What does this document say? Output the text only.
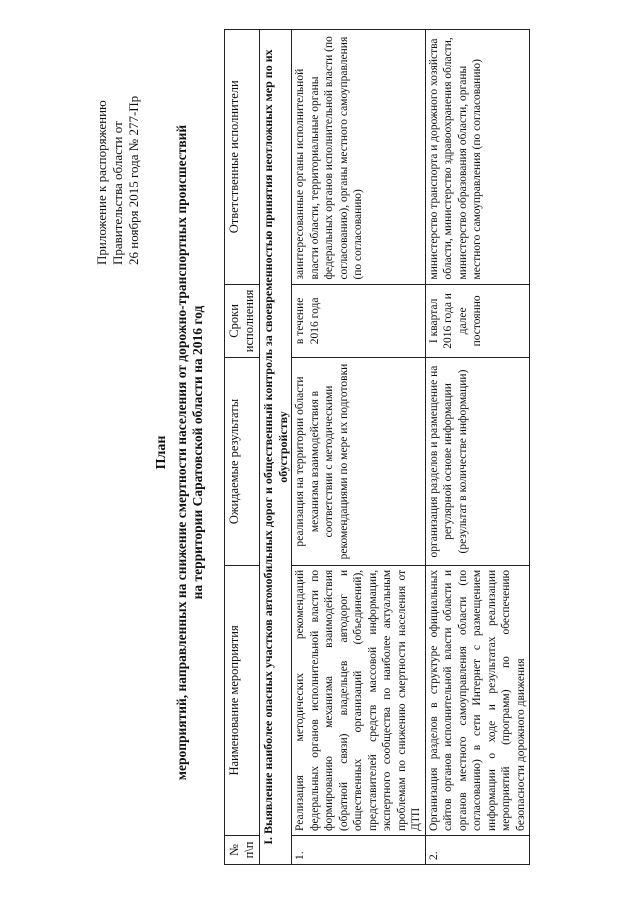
Приложение к распоряжению Правительства области от 26 ноября 2015 года № 277-Пр
План мероприятий, направленных на снижение смертности населения от дорожно-транспортных происшествий на территории Саратовской области на 2016 год
№ п\п	Наименование мероприятия	Ожидаемые результаты	Сроки исполнения	Ответственные исполнители
I. Выявление наиболее опасных участков автомобильных дорог и общественный контроль за своевременностью принятия неотложных мер по их обустройству				
1.	Реализация методических рекомендаций федеральных органов исполнительной власти по формированию механизма взаимодействия (обратной связи) владельцев автодорог и общественных организаций (объединений), представителей средств массовой информации, экспертного сообщества по наиболее актуальным проблемам по снижению смертности населения от ДТП	реализация на территории области механизма взаимодействия в соответствии с методическими рекомендациями по мере их подготовки	в течение 2016 года	заинтересованные органы исполнительной власти области, территориальные органы федеральных органов исполнительной власти (по согласованию), органы местного самоуправления (по согласованию)
2.	Организация разделов в структуре официальных сайтов органов исполнительной власти области и органов местного самоуправления области (по согласованию) в сети Интернет с размещением информации о ходе и результатах реализации мероприятий (программ) по обеспечению безопасности дорожного движения	организация разделов и размещение на регулярной основе информации (результат в количестве информации)	I квартал 2016 года и далее постоянно	министерство транспорта и дорожного хозяйства области, министерство здравоохранения области, министерство образования области, органы местного самоуправления (по согласованию)
